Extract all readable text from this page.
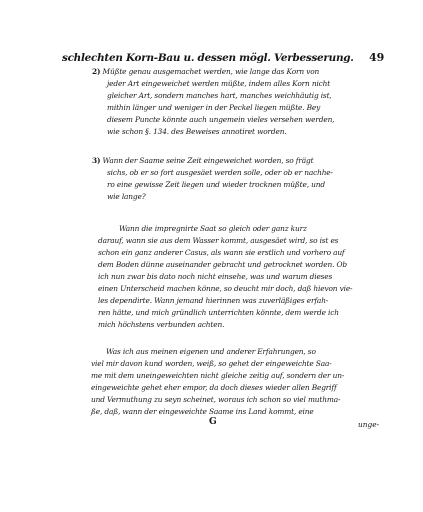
schlechten Korn-Bau u. dessen mögl. Verbesserung.	49
2) Müßte genau ausgemachet werden, wie lange das Korn von
jeder Art eingeweichet werden müßte, indem alles Korn nicht
gleicher Art, sondern manches hart, manches weichhäutig ist,
mithin länger und weniger in der Peckel liegen müßte. Bey
diesem Puncte könnte auch ungemein vieles versehen werden,
wie schon §. 134. des Beweises annotiret worden.
3) Wann der Saame seine Zeit eingeweichet worden, so frägt
sichs, ob er so fort ausgesäet werden solle, oder ob er nachhe-
ro eine gewisse Zeit liegen und wieder trocknen müßte, und
wie lange?
Wann die impregnirte Saat so gleich oder ganz kurz
darauf, wann sie aus dem Wasser kommt, ausgesäet wird, so ist es
schon ein ganz anderer Casus, als wann sie erstlich und vorhero auf
dem Boden dünne auseinander gebracht und getrocknet worden. Ob
ich nun zwar bis dato noch nicht einsehe, was und warum dieses
einen Unterscheid machen könne, so deucht mir doch, daß hievon vie-
les dependirte. Wann jemand hierinnen was zuverläßiges erfah-
ren hätte, und mich gründlich unterrichten könnte, dem werde ich
mich höchstens verbunden achten.
Was ich aus meinen eigenen und anderer Erfahrungen, so
viel mir davon kund worden, weiß, so gehet der eingeweichte Saa-
me mit dem uneingeweichten nicht gleiche zeitig auf, sondern der un-
eingeweichte gehet eher empor, da doch dieses wieder allen Begriff
und Vermuthung zu seyn scheinet, woraus ich schon so viel muthma-
ße, daß, wann der eingeweichte Saame ins Land kommt, eine
G	unge-
